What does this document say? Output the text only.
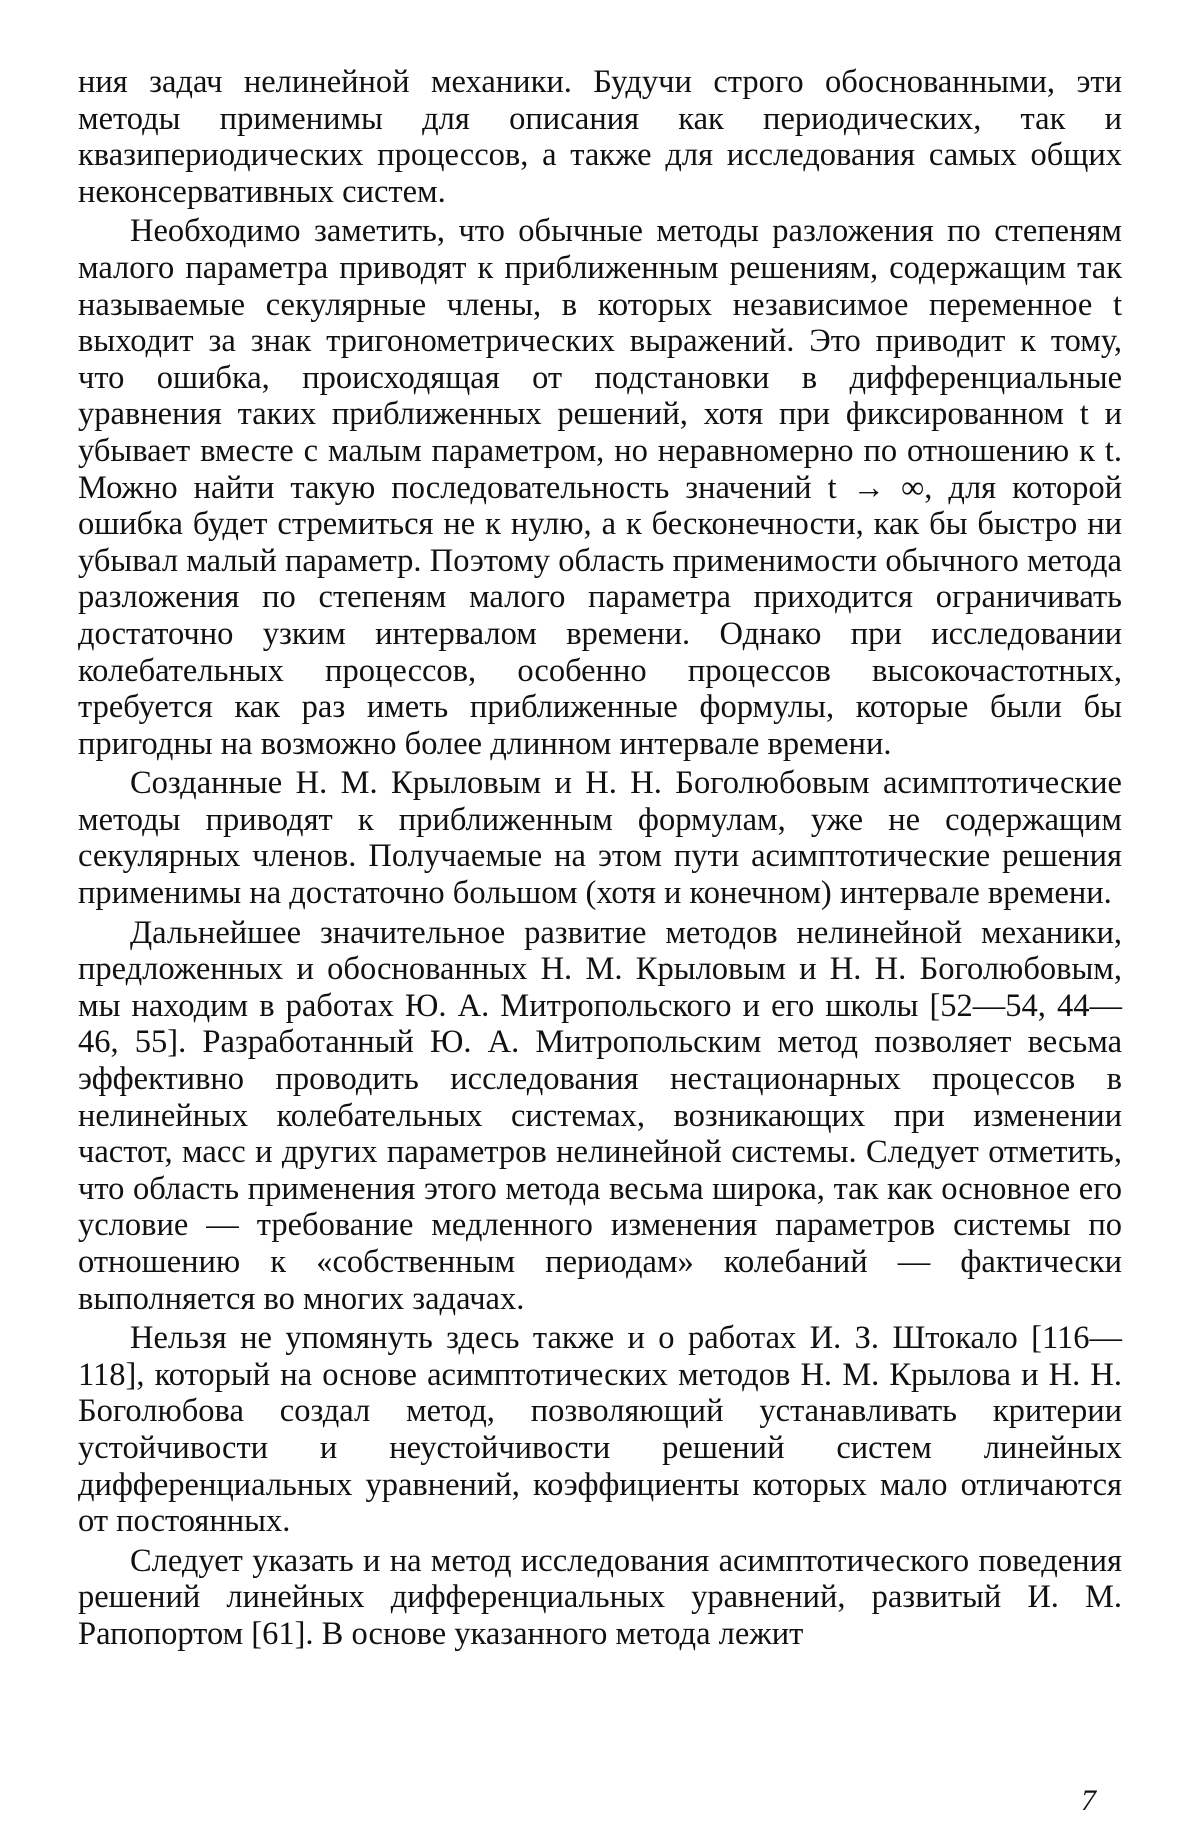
ния задач нелинейной механики. Будучи строго обоснованными, эти методы применимы для описания как периодических, так и квазипериодических процессов, а также для исследования самых общих неконсервативных систем.

Необходимо заметить, что обычные методы разложения по степеням малого параметра приводят к приближенным решениям, содержащим так называемые секулярные члены, в которых независимое переменное t выходит за знак тригонометрических выражений. Это приводит к тому, что ошибка, происходящая от подстановки в дифференциальные уравнения таких приближенных решений, хотя при фиксированном t и убывает вместе с малым параметром, но неравномерно по отношению к t. Можно найти такую последовательность значений t → ∞, для которой ошибка будет стремиться не к нулю, а к бесконечности, как бы быстро ни убывал малый параметр. Поэтому область применимости обычного метода разложения по степеням малого параметра приходится ограничивать достаточно узким интервалом времени. Однако при исследовании колебательных процессов, особенно процессов высокочастотных, требуется как раз иметь приближенные формулы, которые были бы пригодны на возможно более длинном интервале времени.

Созданные Н. М. Крыловым и Н. Н. Боголюбовым асимптотические методы приводят к приближенным формулам, уже не содержащим секулярных членов. Получаемые на этом пути асимптотические решения применимы на достаточно большом (хотя и конечном) интервале времени.

Дальнейшее значительное развитие методов нелинейной механики, предложенных и обоснованных Н. М. Крыловым и Н. Н. Боголюбовым, мы находим в работах Ю. А. Митропольского и его школы [52—54, 44—46, 55]. Разработанный Ю. А. Митропольским метод позволяет весьма эффективно проводить исследования нестационарных процессов в нелинейных колебательных системах, возникающих при изменении частот, масс и других параметров нелинейной системы. Следует отметить, что область применения этого метода весьма широка, так как основное его условие — требование медленного изменения параметров системы по отношению к «собственным периодам» колебаний — фактически выполняется во многих задачах.

Нельзя не упомянуть здесь также и о работах И. З. Штокало [116—118], который на основе асимптотических методов Н. М. Крылова и Н. Н. Боголюбова создал метод, позволяющий устанавливать критерии устойчивости и неустойчивости решений систем линейных дифференциальных уравнений, коэффициенты которых мало отличаются от постоянных.

Следует указать и на метод исследования асимптотического поведения решений линейных дифференциальных уравнений, развитый И. М. Рапопортом [61]. В основе указанного метода лежит

7
